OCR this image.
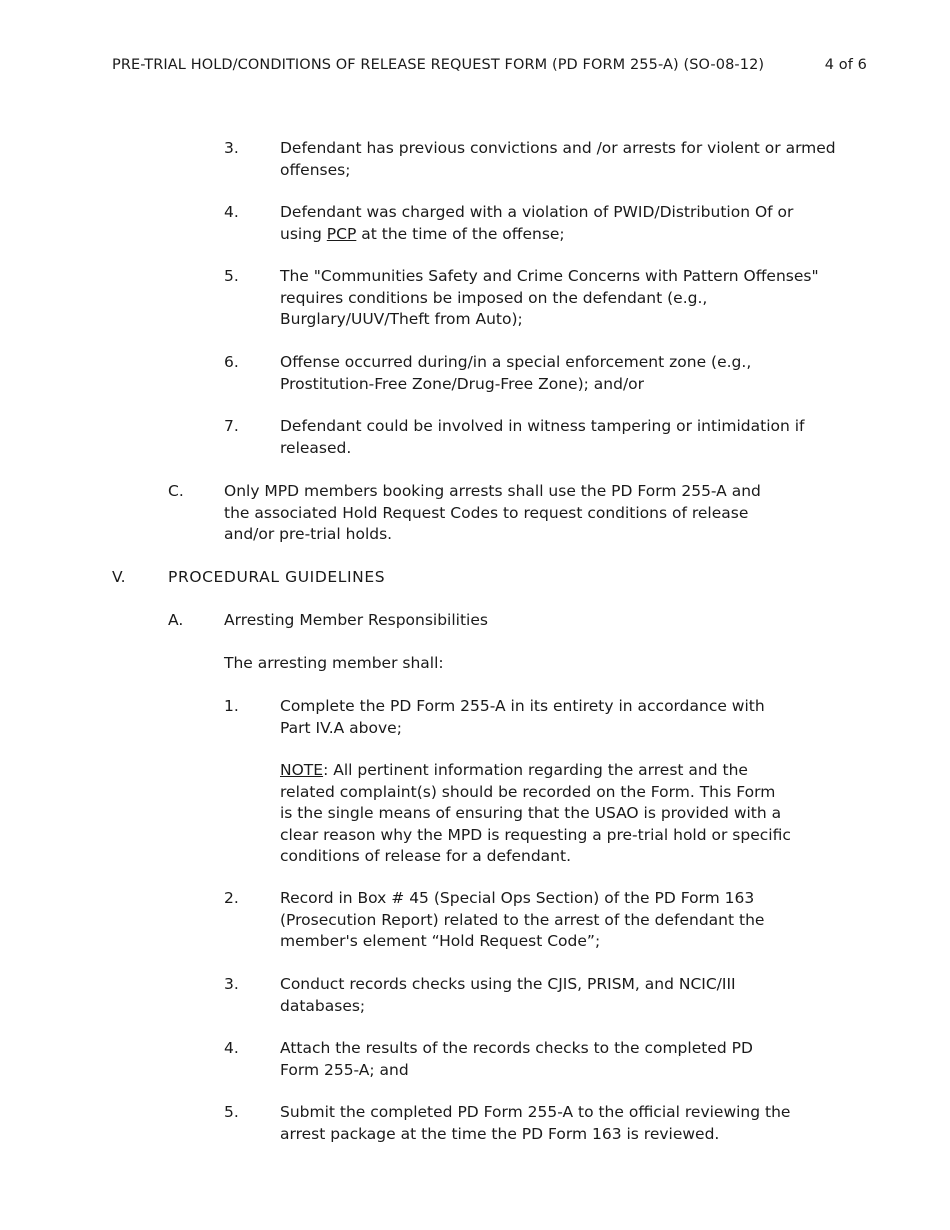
PRE-TRIAL HOLD/CONDITIONS OF RELEASE REQUEST FORM (PD FORM 255-A) (SO-08-12)	4 of 6
3.	Defendant has previous convictions and /or arrests for violent or armed
offenses;
4.	Defendant was charged with a violation of PWID/Distribution Of or
using PCP at the time of the offense;
5.	The "Communities Safety and Crime Concerns with Pattern Offenses"
requires conditions be imposed on the defendant (e.g.,
Burglary/UUV/Theft from Auto);
6.	Offense occurred during/in a special enforcement zone (e.g.,
Prostitution-Free Zone/Drug-Free Zone); and/or
7.	Defendant could be involved in witness tampering or intimidation if
released.
C.	Only MPD members booking arrests shall use the PD Form 255-A and
the associated Hold Request Codes to request conditions of release
and/or pre-trial holds.
V.	PROCEDURAL GUIDELINES
A.	Arresting Member Responsibilities
The arresting member shall:
1.	Complete the PD Form 255-A in its entirety in accordance with
Part IV.A above;
NOTE: All pertinent information regarding the arrest and the
related complaint(s) should be recorded on the Form. This Form
is the single means of ensuring that the USAO is provided with a
clear reason why the MPD is requesting a pre-trial hold or specific
conditions of release for a defendant.
2.	Record in Box # 45 (Special Ops Section) of the PD Form 163
(Prosecution Report) related to the arrest of the defendant the
member's element “Hold Request Code”;
3.	Conduct records checks using the CJIS, PRISM, and NCIC/III
databases;
4.	Attach the results of the records checks to the completed PD
Form 255-A; and
5.	Submit the completed PD Form 255-A to the official reviewing the
arrest package at the time the PD Form 163 is reviewed.
